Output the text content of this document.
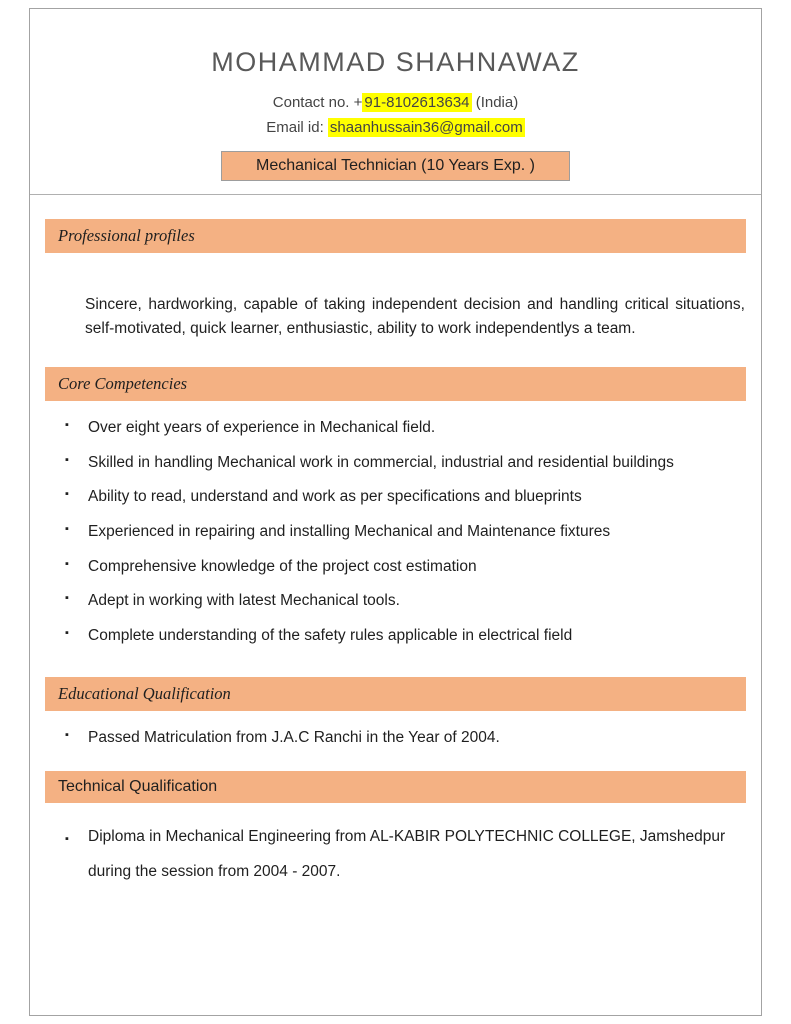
MOHAMMAD SHAHNAWAZ
Contact no. + 91-8102613634 (India)
Email id: shaanhussain36@gmail.com
Mechanical Technician (10 Years Exp. )
Professional profiles

Sincere, hardworking, capable of taking independent decision and handling critical situations, self-motivated, quick learner, enthusiastic, ability to work independentlys a team.

Core Competencies
▪ Over eight years of experience in Mechanical field.
▪ Skilled in handling Mechanical work in commercial, industrial and residential buildings
▪ Ability to read, understand and work as per specifications and blueprints
▪ Experienced in repairing and installing Mechanical and Maintenance fixtures
▪ Comprehensive knowledge of the project cost estimation
▪ Adept in working with latest Mechanical tools.
▪ Complete understanding of the safety rules applicable in electrical field
Educational Qualification
▪ Passed Matriculation from J.A.C Ranchi in the Year of 2004.
Technical Qualification
▪ Diploma in Mechanical Engineering from AL-KABIR POLYTECHNIC COLLEGE, Jamshedpur during the session from 2004 - 2007.
